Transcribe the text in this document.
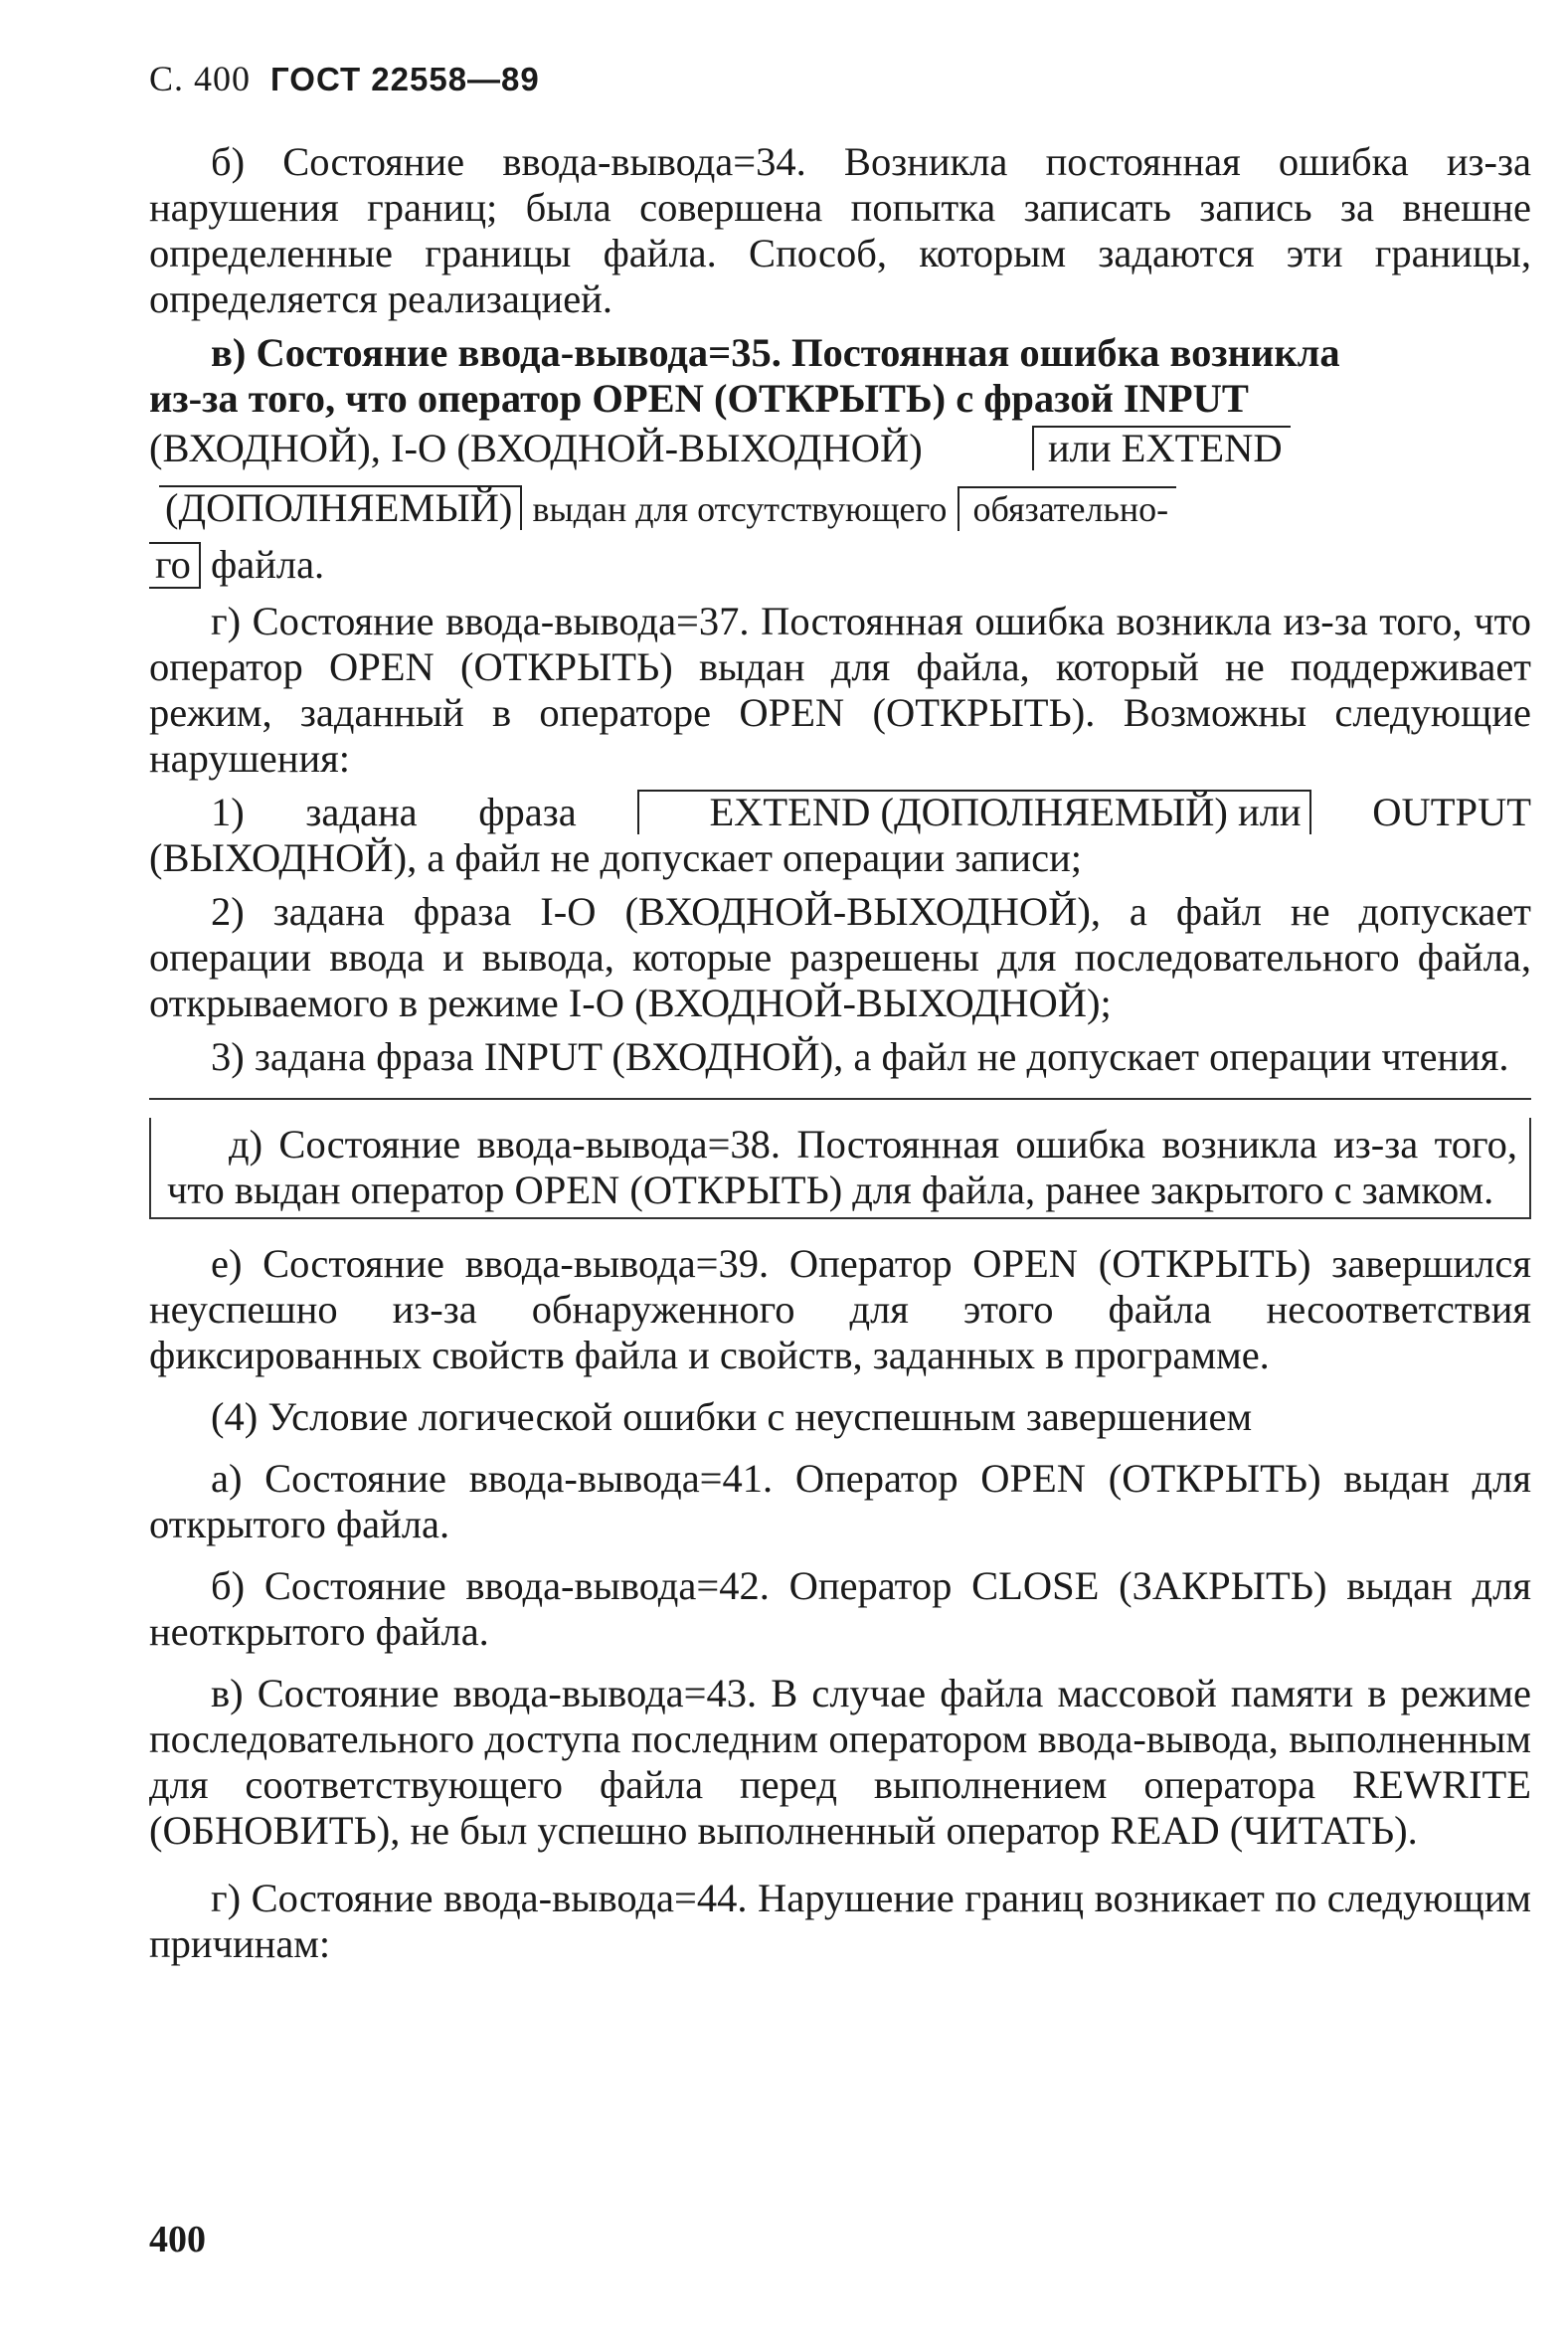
С. 400 ГОСТ 22558—89

б) Состояние ввода-вывода=34. Возникла постоянная ошибка из-за нарушения границ; была совершена попытка записать запись за внешне определенные границы файла. Способ, которым задаются эти границы, определяется реализацией.

в) Состояние ввода-вывода=35. Постоянная ошибка возникла

из-за того, что оператор OPEN (ОТКРЫТЬ) с фразой INPUT

(ВХОДНОЙ), I-O (ВХОДНОЙ-ВЫХОДНОЙ)	или EXTEND

(ДОПОЛНЯЕМЫЙ) выдан для отсутствующего обязательно-

го файла.

г) Состояние ввода-вывода=37. Постоянная ошибка возникла из-за того, что оператор OPEN (ОТКРЫТЬ) выдан для файла, который не поддерживает режим, заданный в операторе OPEN (ОТКРЫТЬ). Возможны следующие нарушения:

1) задана фраза	EXTEND (ДОПОЛНЯЕМЫЙ) или OUTPUT (ВЫХОДНОЙ), а файл не допускает операции записи;

2) задана фраза I-O (ВХОДНОЙ-ВЫХОДНОЙ), а файл не допускает операции ввода и вывода, которые разрешены для последовательного файла, открываемого в режиме I-O (ВХОДНОЙ-ВЫХОДНОЙ);

3) задана фраза INPUT (ВХОДНОЙ), а файл не допускает операции чтения.

д) Состояние ввода-вывода=38. Постоянная ошибка возникла из-за того, что выдан оператор OPEN (ОТКРЫТЬ) для файла, ранее закрытого с замком.

е) Состояние ввода-вывода=39. Оператор OPEN (ОТКРЫТЬ) завершился неуспешно из-за обнаруженного для этого файла несоответствия фиксированных свойств файла и свойств, заданных в программе.

(4) Условие логической ошибки с неуспешным завершением

а) Состояние ввода-вывода=41. Оператор OPEN (ОТКРЫТЬ) выдан для открытого файла.

б) Состояние ввода-вывода=42. Оператор CLOSE (ЗАКРЫТЬ) выдан для неоткрытого файла.

в) Состояние ввода-вывода=43. В случае файла массовой памяти в режиме последовательного доступа последним оператором ввода-вывода, выполненным для соответствующего файла перед выполнением оператора REWRITE (ОБНОВИТЬ), не был успешно выполненный оператор READ (ЧИТАТЬ).

г) Состояние ввода-вывода=44. Нарушение границ возникает по следующим причинам:

400
